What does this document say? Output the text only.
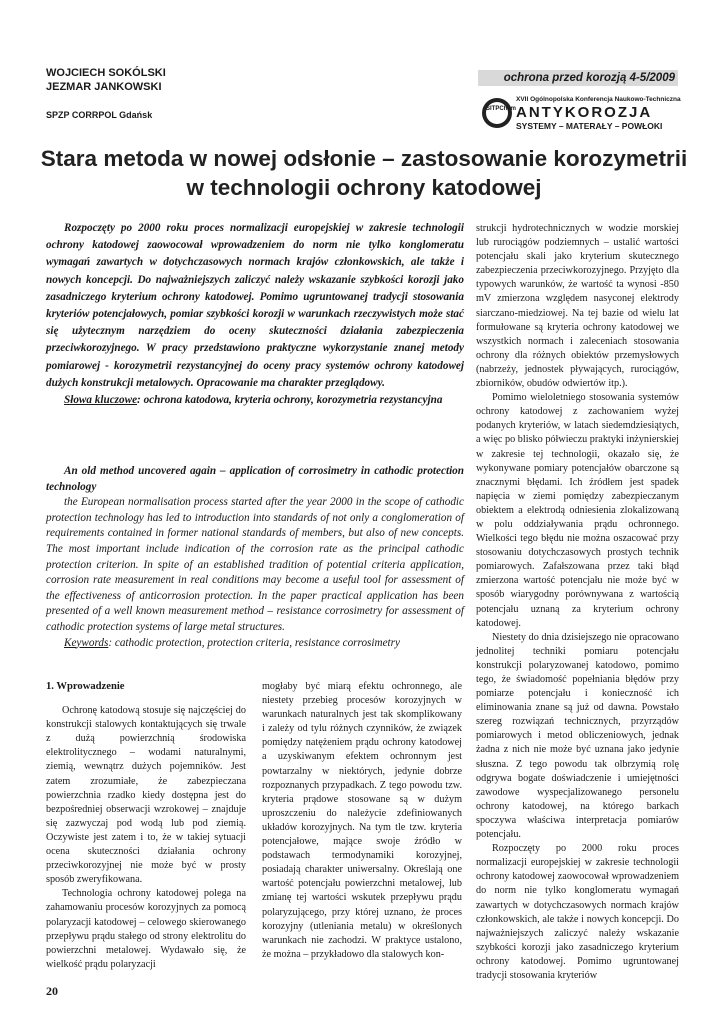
WOJCIECH SOKÓLSKI
JEZMAR JANKOWSKI
SPZP CORRPOL Gdańsk
ochrona przed korozją 4-5/2009
SITPChem
XVII Ogólnopolska Konferencja Naukowo-Techniczna
ANTYKOROZJA
SYSTEMY – MATERAŁY – POWŁOKI
Stara metoda w nowej odsłonie – zastosowanie korozymetrii w technologii ochrony katodowej

Rozpoczęty po 2000 roku proces normalizacji europejskiej w zakresie technologii ochrony katodowej zaowocował wprowadzeniem do norm nie tylko konglomeratu wymagań zawartych w dotychczasowych normach krajów członkowskich, ale także i nowych koncepcji. Do najważniejszych zaliczyć należy wskazanie szybkości korozji jako zasadniczego kryterium ochrony katodowej. Pomimo ugruntowanej tradycji stosowania kryteriów potencjałowych, pomiar szybkości korozji w warunkach rzeczywistych może stać się użytecznym narzędziem do oceny skuteczności działania zabezpieczenia przeciwkorozyjnego. W pracy przedstawiono praktyczne wykorzystanie znanej metody pomiarowej - korozymetrii rezystancyjnej do oceny pracy systemów ochrony katodowej dużych konstrukcji metalowych. Opracowanie ma charakter przeglądowy.

Słowa kluczowe: ochrona katodowa, kryteria ochrony, korozymetria rezystancyjna

An old method uncovered again – application of corrosimetry in cathodic protection technology

the European normalisation process started after the year 2000 in the scope of cathodic protection technology has led to introduction into standards of not only a conglomeration of requirements contained in former national standards of members, but also of new concepts. The most important include indication of the corrosion rate as the principal cathodic protection criterion. In spite of an established tradition of potential criteria application, corrosion rate measurement in real conditions may become a useful tool for assessment of the effectiveness of anticorrosion protection. In the paper practical application has been presented of a well known measurement method – resistance corrosimetry for assessment of cathodic protection systems of large metal structures.

Keywords: cathodic protection, protection criteria, resistance corrosimetry

1. Wprowadzenie

Ochronę katodową stosuje się najczęściej do konstrukcji stalowych kontaktujących się trwale z dużą powierzchnią środowiska elektrolitycznego – wodami naturalnymi, ziemią, wewnątrz dużych pojemników. Jest zatem zrozumiałe, że zabezpieczana powierzchnia rzadko kiedy dostępna jest do bezpośredniej obserwacji wzrokowej – znajduje się zazwyczaj pod wodą lub pod ziemią. Oczywiste jest zatem i to, że w takiej sytuacji ocena skuteczności działania ochrony przeciwkorozyjnej nie może być w prosty sposób zweryfikowana.

Technologia ochrony katodowej polega na zahamowaniu procesów korozyjnych za pomocą polaryzacji katodowej – celowego skierowanego przepływu prądu stałego od strony elektrolitu do powierzchni metalowej. Wydawało się, że wielkość prądu polaryzacji

mogłaby być miarą efektu ochronnego, ale niestety przebieg procesów korozyjnych w warunkach naturalnych jest tak skomplikowany i zależy od tylu różnych czynników, że związek pomiędzy natężeniem prądu ochrony katodowej a uzyskiwanym efektem ochronnym jest powtarzalny w niektórych, jedynie dobrze rozpoznanych przypadkach. Z tego powodu tzw. kryteria prądowe stosowane są w dużym uproszczeniu do należycie zdefiniowanych układów korozyjnych. Na tym tle tzw. kryteria potencjałowe, mające swoje źródło w podstawach termodynamiki korozyjnej, posiadają charakter uniwersalny. Określają one wartość potencjału powierzchni metalowej, lub zmianę tej wartości wskutek przepływu prądu polaryzującego, przy której uznano, że proces korozyjny (utleniania metalu) w określonych warunkach nie zachodzi. W praktyce ustalono, że można – przykładowo dla stalowych kon-

strukcji hydrotechnicznych w wodzie morskiej lub rurociągów podziemnych – ustalić wartości potencjału skali jako kryterium skutecznego zabezpieczenia przeciwkorozyjnego. Przyjęto dla typowych warunków, że wartość ta wynosi -850 mV zmierzona względem nasyconej elektrody siarczano-miedziowej. Na tej bazie od wielu lat formułowane są kryteria ochrony katodowej we wszystkich normach i zaleceniach stosowania ochrony dla różnych obiektów przemysłowych (nabrzeży, jednostek pływających, rurociągów, zbiorników, obudów odwiertów itp.).

Pomimo wieloletniego stosowania systemów ochrony katodowej z zachowaniem wyżej podanych kryteriów, w latach siedemdziesiątych, a więc po blisko półwieczu praktyki inżynierskiej w zakresie tej technologii, okazało się, że wykonywane pomiary potencjałów obarczone są znacznymi błędami. Ich źródłem jest spadek napięcia w ziemi pomiędzy zabezpieczanym obiektem a elektrodą odniesienia zlokalizowaną w polu oddziaływania prądu ochronnego. Wielkości tego błędu nie można oszacować przy stosowaniu dotychczasowych prostych technik pomiarowych. Zafałszowana przez taki błąd zmierzona wartość potencjału nie może być w sposób wiarygodny porównywana z wartością potencjału uznaną za kryterium ochrony katodowej.

Niestety do dnia dzisiejszego nie opracowano jednolitej techniki pomiaru potencjału konstrukcji polaryzowanej katodowo, pomimo tego, że świadomość popełniania błędów przy pomiarze potencjału i konieczność ich eliminowania znane są już od dawna. Powstało szereg rozwiązań technicznych, przyrządów pomiarowych i metod obliczeniowych, jednak żadna z nich nie może być uznana jako jedynie słuszna. Z tego powodu tak olbrzymią rolę odgrywa bogate doświadczenie i umiejętności zawodowe wyspecjalizowanego personelu ochrony katodowej, na którego barkach spoczywa właściwa interpretacja pomiarów potencjału.

Rozpoczęty po 2000 roku proces normalizacji europejskiej w zakresie technologii ochrony katodowej zaowocował wprowadzeniem do norm nie tylko konglomeratu wymagań zawartych w dotychczasowych normach krajów członkowskich, ale także i nowych koncepcji. Do najważniejszych zaliczyć należy wskazanie szybkości korozji jako zasadniczego kryterium ochrony katodowej. Pomimo ugruntowanej tradycji stosowania kryteriów

20
